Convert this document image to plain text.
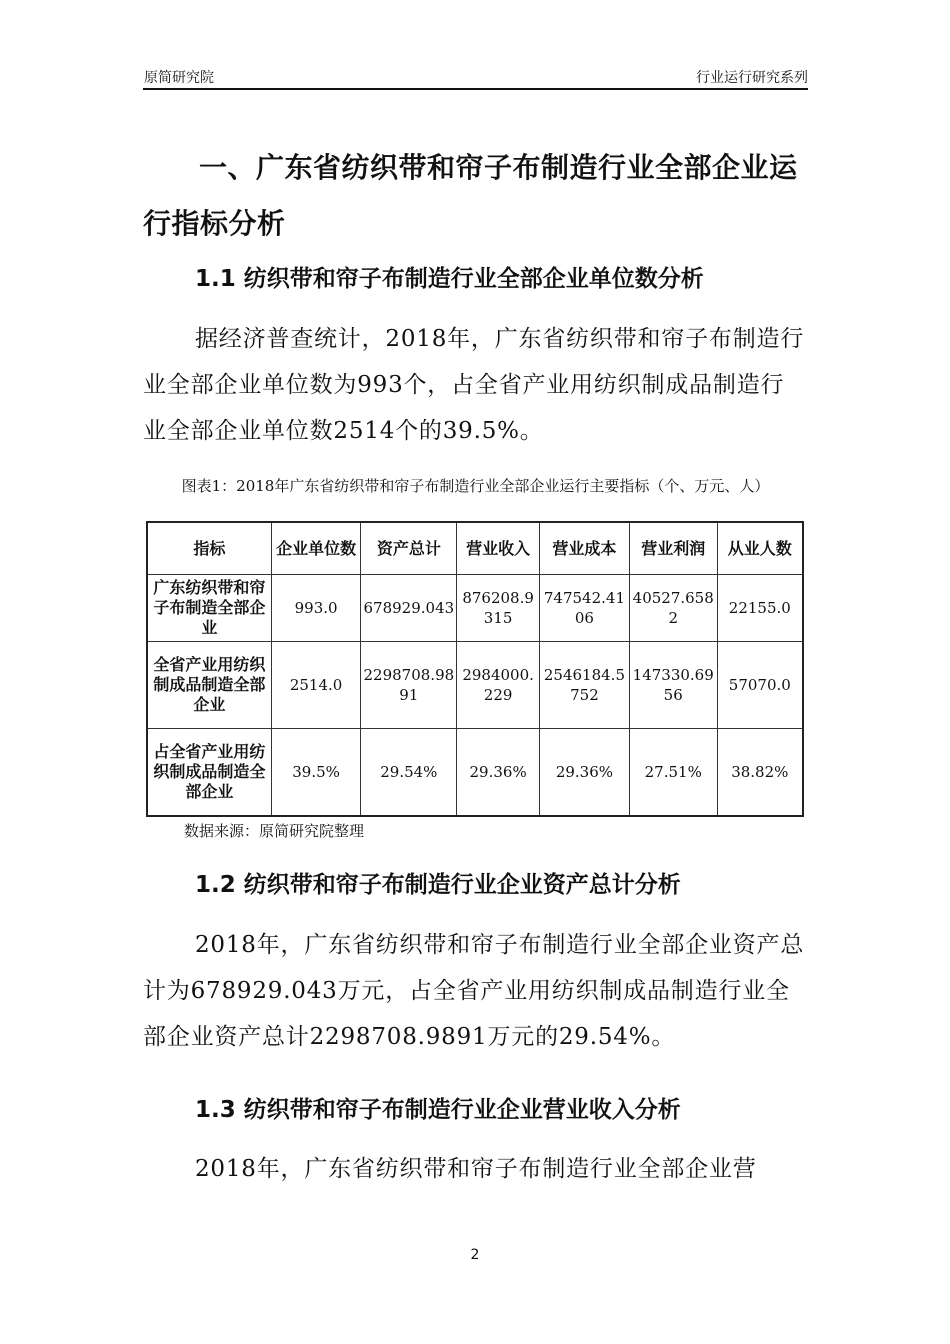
原简研究院	行业运行研究系列
一、广东省纺织带和帘子布制造行业全部企业运行指标分析
1.1 纺织带和帘子布制造行业全部企业单位数分析
据经济普查统计，2018年，广东省纺织带和帘子布制造行业全部企业单位数为993个，占全省产业用纺织制成品制造行业全部企业单位数2514个的39.5%。
图表1：2018年广东省纺织带和帘子布制造行业全部企业运行主要指标（个、万元、人）
指标	企业单位数	资产总计	营业收入	营业成本	营业利润	从业人数
广东纺织带和帘子布制造全部企业	993.0	678929.043	876208.9315	747542.4106	40527.6582	22155.0
全省产业用纺织制成品制造全部企业	2514.0	2298708.9891	2984000.229	2546184.5752	147330.6956	57070.0
占全省产业用纺织制成品制造全部企业	39.5%	29.54%	29.36%	29.36%	27.51%	38.82%
数据来源：原简研究院整理
1.2 纺织带和帘子布制造行业企业资产总计分析
2018年，广东省纺织带和帘子布制造行业全部企业资产总计为678929.043万元，占全省产业用纺织制成品制造行业全部企业资产总计2298708.9891万元的29.54%。
1.3 纺织带和帘子布制造行业企业营业收入分析
2018年，广东省纺织带和帘子布制造行业全部企业营
2
